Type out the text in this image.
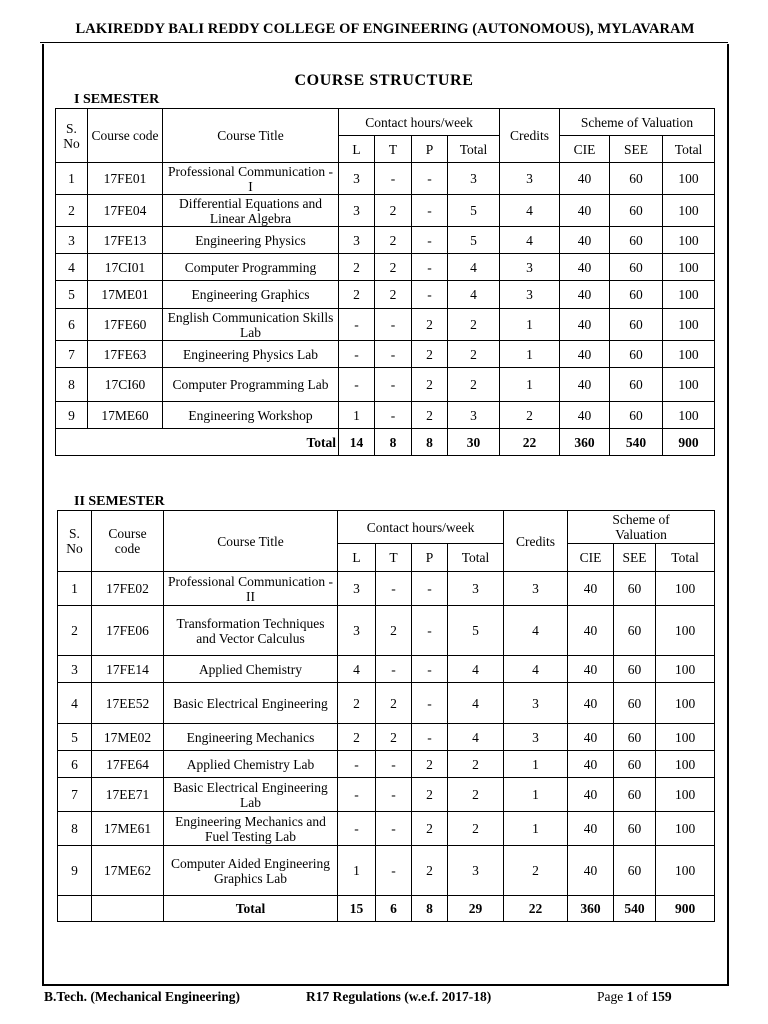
LAKIREDDY BALI REDDY COLLEGE OF ENGINEERING (AUTONOMOUS), MYLAVARAM
COURSE STRUCTURE
I SEMESTER
S. No	Course code	Course Title	Contact hours/week				Credits	Scheme of Valuation		
			L	T	P	Total		CIE	SEE	Total
1	17FE01	Professional Communication - I	3	-	-	3	3	40	60	100
2	17FE04	Differential Equations and Linear Algebra	3	2	-	5	4	40	60	100
3	17FE13	Engineering Physics	3	2	-	5	4	40	60	100
4	17CI01	Computer Programming	2	2	-	4	3	40	60	100
5	17ME01	Engineering Graphics	2	2	-	4	3	40	60	100
6	17FE60	English Communication Skills Lab	-	-	2	2	1	40	60	100
7	17FE63	Engineering Physics Lab	-	-	2	2	1	40	60	100
8	17CI60	Computer Programming Lab	-	-	2	2	1	40	60	100
9	17ME60	Engineering Workshop	1	-	2	3	2	40	60	100
Total			14	8	8	30	22	360	540	900
II SEMESTER
S. No	Course code	Course Title	Contact hours/week				Credits	Scheme of Valuation		
			L	T	P	Total		CIE	SEE	Total
1	17FE02	Professional Communication - II	3	-	-	3	3	40	60	100
2	17FE06	Transformation Techniques and Vector Calculus	3	2	-	5	4	40	60	100
3	17FE14	Applied Chemistry	4	-	-	4	4	40	60	100
4	17EE52	Basic Electrical Engineering	2	2	-	4	3	40	60	100
5	17ME02	Engineering Mechanics	2	2	-	4	3	40	60	100
6	17FE64	Applied Chemistry Lab	-	-	2	2	1	40	60	100
7	17EE71	Basic Electrical Engineering Lab	-	-	2	2	1	40	60	100
8	17ME61	Engineering Mechanics and Fuel Testing Lab	-	-	2	2	1	40	60	100
9	17ME62	Computer Aided Engineering Graphics Lab	1	-	2	3	2	40	60	100
		Total	15	6	8	29	22	360	540	900
B.Tech. (Mechanical Engineering)	R17 Regulations (w.e.f. 2017-18)	Page 1 of 159
